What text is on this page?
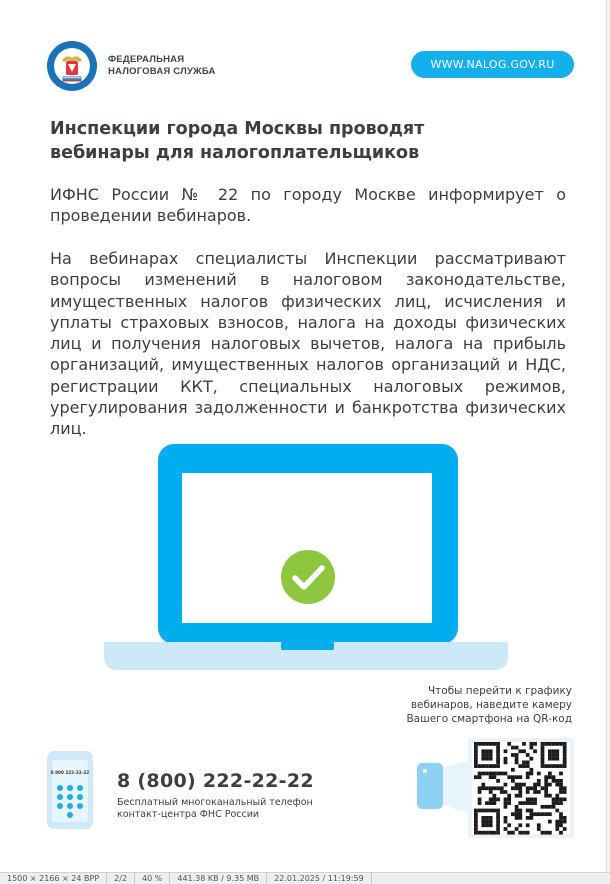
ФЕДЕРАЛЬНАЯ
НАЛОГОВАЯ СЛУЖБА
WWW.NALOG.GOV.RU
Инспекции города Москвы проводят
вебинары для налогоплательщиков

ИФНС России № 22 по городу Москве информирует о проведении вебинаров.

На вебинарах специалисты Инспекции рассматривают вопросы изменений в налоговом законодательстве, имущественных налогов физических лиц, исчисления и уплаты страховых взносов, налога на доходы физических лиц и получения налоговых вычетов, налога на прибыль организаций, имущественных налогов организаций и НДС, регистрации ККТ, специальных налоговых режимов, урегулирования задолженности и банкротства физических лиц.

Чтобы перейти к графику
вебинаров, наведите камеру
Вашего смартфона на QR-код
8 800 222-22-22 8 (800) 222-22-22
Бесплатный многоканальный телефон
контакт-центра ФНС России
1500 × 2166 × 24 BPP 2/2 40 % 441.38 KB / 9.35 MB 22.01.2025 / 11:19:59
